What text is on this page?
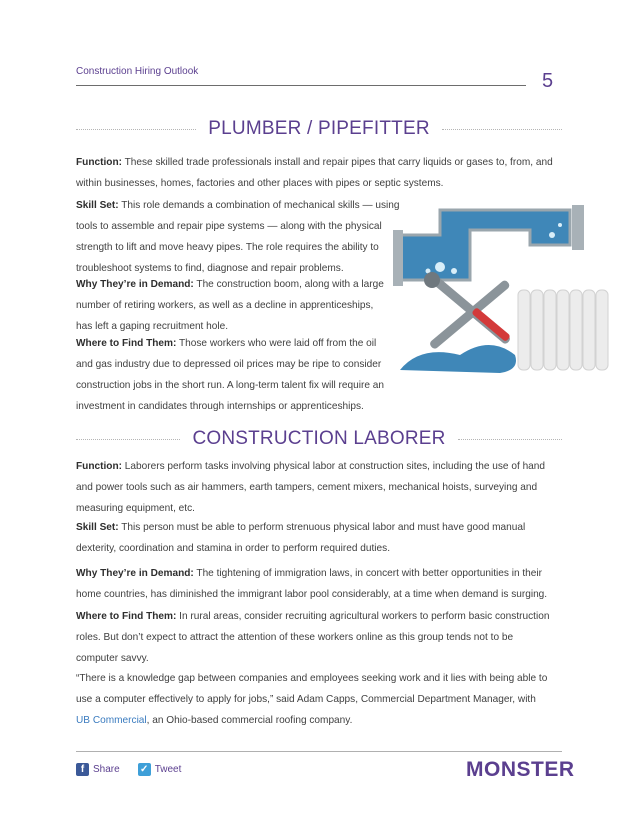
Construction Hiring Outlook	5
PLUMBER / PIPEFITTER

Function: These skilled trade professionals install and repair pipes that carry liquids or gases to, from, and
within businesses, homes, factories and other places with pipes or septic systems.

Skill Set: This role demands a combination of mechanical skills — using
tools to assemble and repair pipe systems — along with the physical
strength to lift and move heavy pipes. The role requires the ability to
troubleshoot systems to find, diagnose and repair problems.

Why They’re in Demand: The construction boom, along with a large
number of retiring workers, as well as a decline in apprenticeships,
has left a gaping recruitment hole.

Where to Find Them: Those workers who were laid off from the oil
and gas industry due to depressed oil prices may be ripe to consider
construction jobs in the short run. A long-term talent fix will require an
investment in candidates through internships or apprenticeships.

CONSTRUCTION LABORER

Function: Laborers perform tasks involving physical labor at construction sites, including the use of hand
and power tools such as air hammers, earth tampers, cement mixers, mechanical hoists, surveying and
measuring equipment, etc.

Skill Set: This person must be able to perform strenuous physical labor and must have good manual
dexterity, coordination and stamina in order to perform required duties.

Why They’re in Demand: The tightening of immigration laws, in concert with better opportunities in their
home countries, has diminished the immigrant labor pool considerably, at a time when demand is surging.

Where to Find Them: In rural areas, consider recruiting agricultural workers to perform basic construction
roles. But don’t expect to attract the attention of these workers online as this group tends not to be
computer savvy.

“There is a knowledge gap between companies and employees seeking work and it lies with being able to
use a computer effectively to apply for jobs,” said Adam Capps, Commercial Department Manager, with
UB Commercial, an Ohio-based commercial roofing company.

f Share ✓ Tweet	MONSTER
